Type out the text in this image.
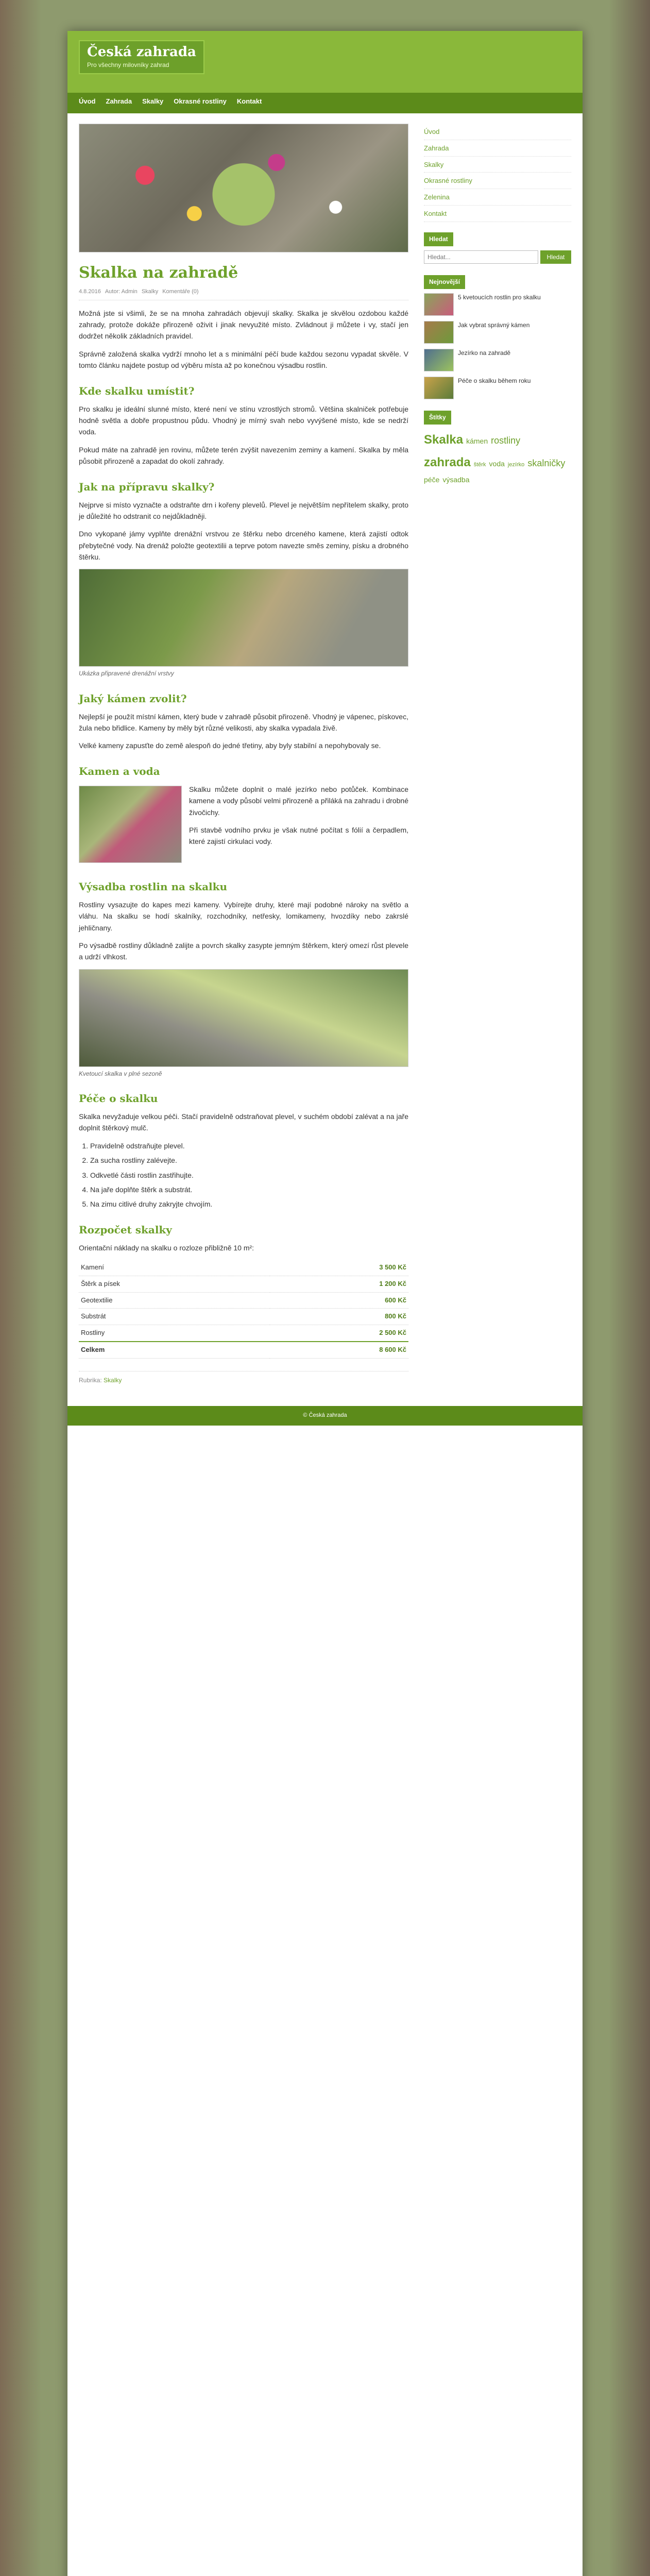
Česká zahrada
Pro všechny milovníky zahrad
Úvod Zahrada Skalky Okrasné rostliny Kontakt
Skalka na zahradě
4.8.2016 Autor: Admin Skalky Komentáře (0)

Možná jste si všimli, že se na mnoha zahradách objevují skalky. Skalka je skvělou ozdobou každé zahrady, protože dokáže přirozeně oživit i jinak nevyužité místo. Zvládnout ji můžete i vy, stačí jen dodržet několik základních pravidel.

Správně založená skalka vydrží mnoho let a s minimální péčí bude každou sezonu vypadat skvěle. V tomto článku najdete postup od výběru místa až po konečnou výsadbu rostlin.

Kde skalku umístit?

Pro skalku je ideální slunné místo, které není ve stínu vzrostlých stromů. Většina skalniček potřebuje hodně světla a dobře propustnou půdu. Vhodný je mírný svah nebo vyvýšené místo, kde se nedrží voda.

Pokud máte na zahradě jen rovinu, můžete terén zvýšit navezením zeminy a kamení. Skalka by měla působit přirozeně a zapadat do okolí zahrady.

Jak na přípravu skalky?

Nejprve si místo vyznačte a odstraňte drn i kořeny plevelů. Plevel je největším nepřítelem skalky, proto je důležité ho odstranit co nejdůkladněji.

Dno vykopané jámy vyplňte drenážní vrstvou ze štěrku nebo drceného kamene, která zajistí odtok přebytečné vody. Na drenáž položte geotextilii a teprve potom navezte směs zeminy, písku a drobného štěrku.

Ukázka připravené drenážní vrstvy
Jaký kámen zvolit?

Nejlepší je použít místní kámen, který bude v zahradě působit přirozeně. Vhodný je vápenec, pískovec, žula nebo břidlice. Kameny by měly být různé velikosti, aby skalka vypadala živě.

Velké kameny zapusťte do země alespoň do jedné třetiny, aby byly stabilní a nepohybovaly se.

Kamen a voda

Skalku můžete doplnit o malé jezírko nebo potůček. Kombinace kamene a vody působí velmi přirozeně a přiláká na zahradu i drobné živočichy.

Při stavbě vodního prvku je však nutné počítat s fólií a čerpadlem, které zajistí cirkulaci vody.

Výsadba rostlin na skalku

Rostliny vysazujte do kapes mezi kameny. Vybírejte druhy, které mají podobné nároky na světlo a vláhu. Na skalku se hodí skalníky, rozchodníky, netřesky, lomikameny, hvozdíky nebo zakrslé jehličnany.

Po výsadbě rostliny důkladně zalijte a povrch skalky zasypte jemným štěrkem, který omezí růst plevele a udrží vlhkost.

Kvetoucí skalka v plné sezoně
Péče o skalku

Skalka nevyžaduje velkou péči. Stačí pravidelně odstraňovat plevel, v suchém období zalévat a na jaře doplnit štěrkový mulč.

1. Pravidelně odstraňujte plevel.
2. Za sucha rostliny zalévejte.
3. Odkvetlé části rostlin zastřihujte.
4. Na jaře doplňte štěrk a substrát.
5. Na zimu citlivé druhy zakryjte chvojím.
Rozpočet skalky

Orientační náklady na skalku o rozloze přibližně 10 m²:

Kamení	3 500 Kč
Štěrk a písek	1 200 Kč
Geotextilie	600 Kč
Substrát	800 Kč
Rostliny	2 500 Kč
Celkem	8 600 Kč
Rubrika: Skalky
Úvod
Zahrada
Skalky
Okrasné rostliny
Zelenina
Kontakt
Hledat
Hledat...
Hledat
Nejnovější
5 kvetoucích rostlin pro skalku
Jak vybrat správný kámen
Jezírko na zahradě
Péče o skalku během roku
Štítky
Skalka kámen rostlinyzahrada štěrk voda jezírko skalničkypéče výsadba
© Česká zahrada
